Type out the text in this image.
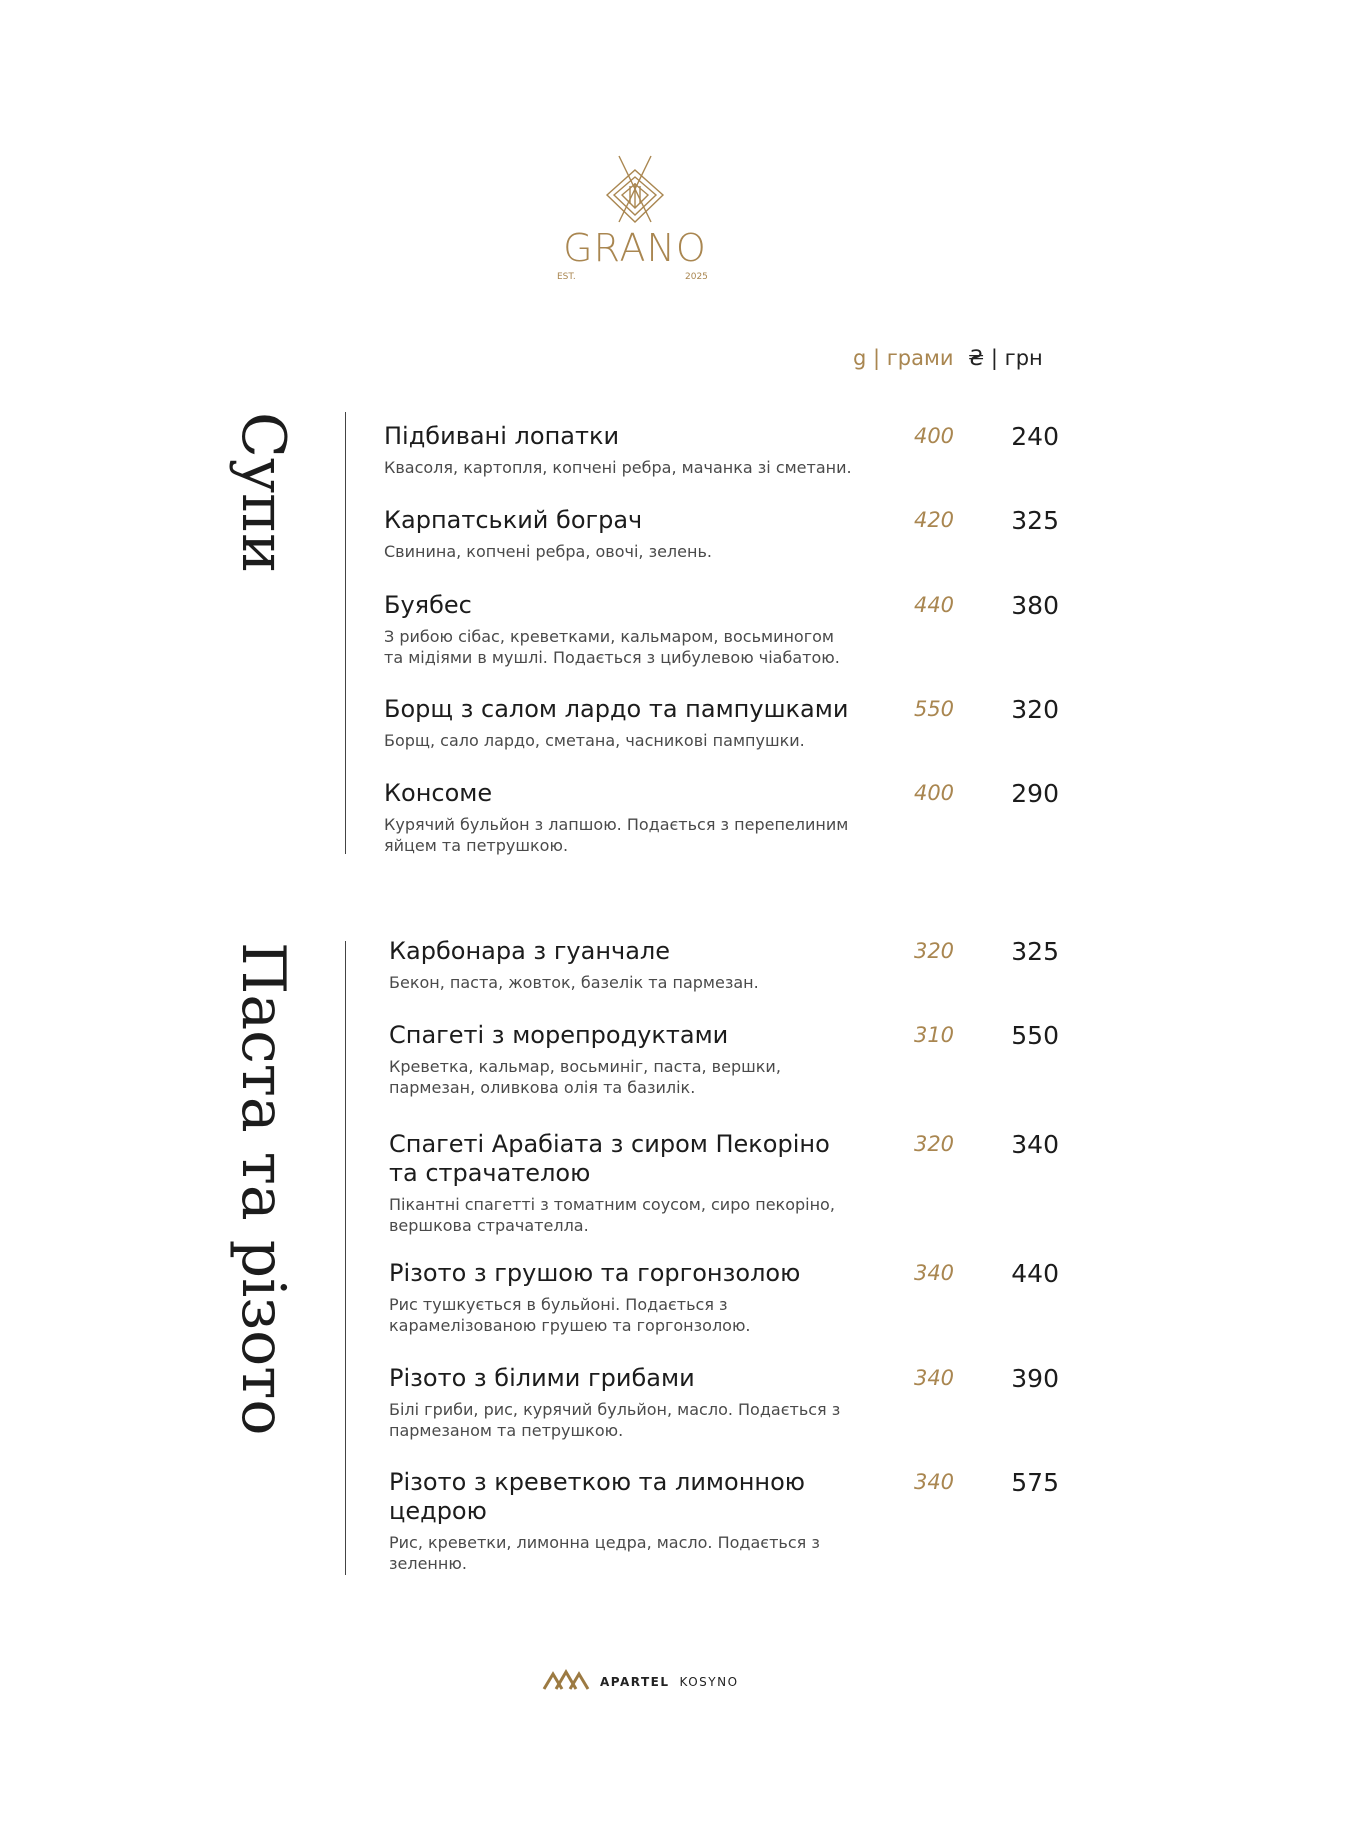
GRANO
EST.	2025
g | грами ₴ | грн
Супи	Підбивані лопатки
Квасоля, картопля, копчені ребра, мачанка зі сметани.
400	240
Карпатський бограч
Свинина, копчені ребра, овочі, зелень.
420	325
Буябес
З рибою сібас, креветками, кальмаром, восьминогом та мідіями в мушлі. Подається з цибулевою чіабатою.
440	380
Борщ з салом лардо та пампушками
Борщ, сало лардо, сметана, часникові пампушки.
550	320
Консоме
Курячий бульйон з лапшою. Подається з перепелиним яйцем та петрушкою.
400	290
Паста та різото	Карбонара з гуанчале
Бекон, паста, жовток, базелік та пармезан.
320	325
Спагеті з морепродуктами
Креветка, кальмар, восьминіг, паста, вершки, пармезан, оливкова олія та базилік.
310	550
Спагеті Арабіата з сиром Пекоріно та страчателою
Пікантні спагетті з томатним соусом, сиро пекоріно, вершкова страчателла.
320	340
Різото з грушою та горгонзолою
Рис тушкується в бульйоні. Подається з карамелізованою грушею та горгонзолою.
340	440
Різото з білими грибами
Білі гриби, рис, курячий бульйон, масло. Подається з пармезаном та петрушкою.
340	390
Різото з креветкою та лимонною цедрою
Рис, креветки, лимонна цедра, масло. Подається з зеленню.
340	575
APARTEL KOSYNO
